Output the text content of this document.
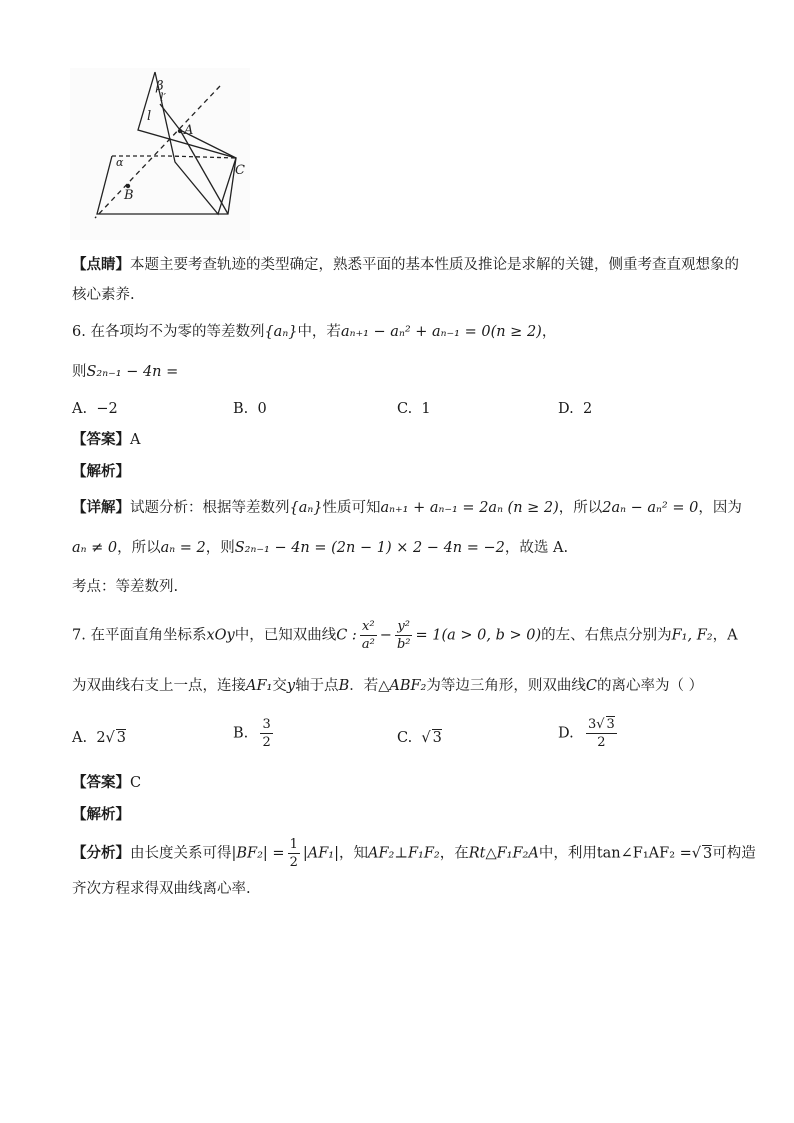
β
l′
l
A
C
α
B
【点睛】本题主要考查轨迹的类型确定，熟悉平面的基本性质及推论是求解的关键，侧重考查直观想象的
核心素养.
6. 在各项均不为零的等差数列{aₙ}中，若aₙ₊₁ − aₙ² + aₙ₋₁ = 0(n ≥ 2)，
则S₂ₙ₋₁ − 4n =
A. −2	B. 0	C. 1	D. 2
【答案】A
【解析】
【详解】试题分析：根据等差数列{aₙ}性质可知aₙ₊₁ + aₙ₋₁ = 2aₙ (n ≥ 2)，所以2aₙ − aₙ² = 0，因为
aₙ ≠ 0，所以aₙ = 2，则S₂ₙ₋₁ − 4n = (2n − 1) × 2 − 4n = −2，故选 A.
考点：等差数列.
7. 在平面直角坐标系xOy中，已知双曲线C : $\frac{\text{x²}}{\text{a²}} - \frac{\text{y²}}{\text{b²}} = 1(a > 0$, b > 0)的左、右焦点分别为F₁, F₂，A
为双曲线右支上一点，连接AF₁交y轴于点B．若△ABF₂为等边三角形，则双曲线C的离心率为（ ）
A. 2√ 3	B. $\frac{3}{2}$	C. √ 3	D. $\frac{3√ 3}{2}$
【答案】C
【解析】
【分析】由长度关系可得$|BF_2| = \frac{1}{2} |AF_1|$，知AF₂⊥F₁F₂，在Rt△F₁F₂A中，利用tan∠F₁AF₂ =√ 3可构造
齐次方程求得双曲线离心率.
